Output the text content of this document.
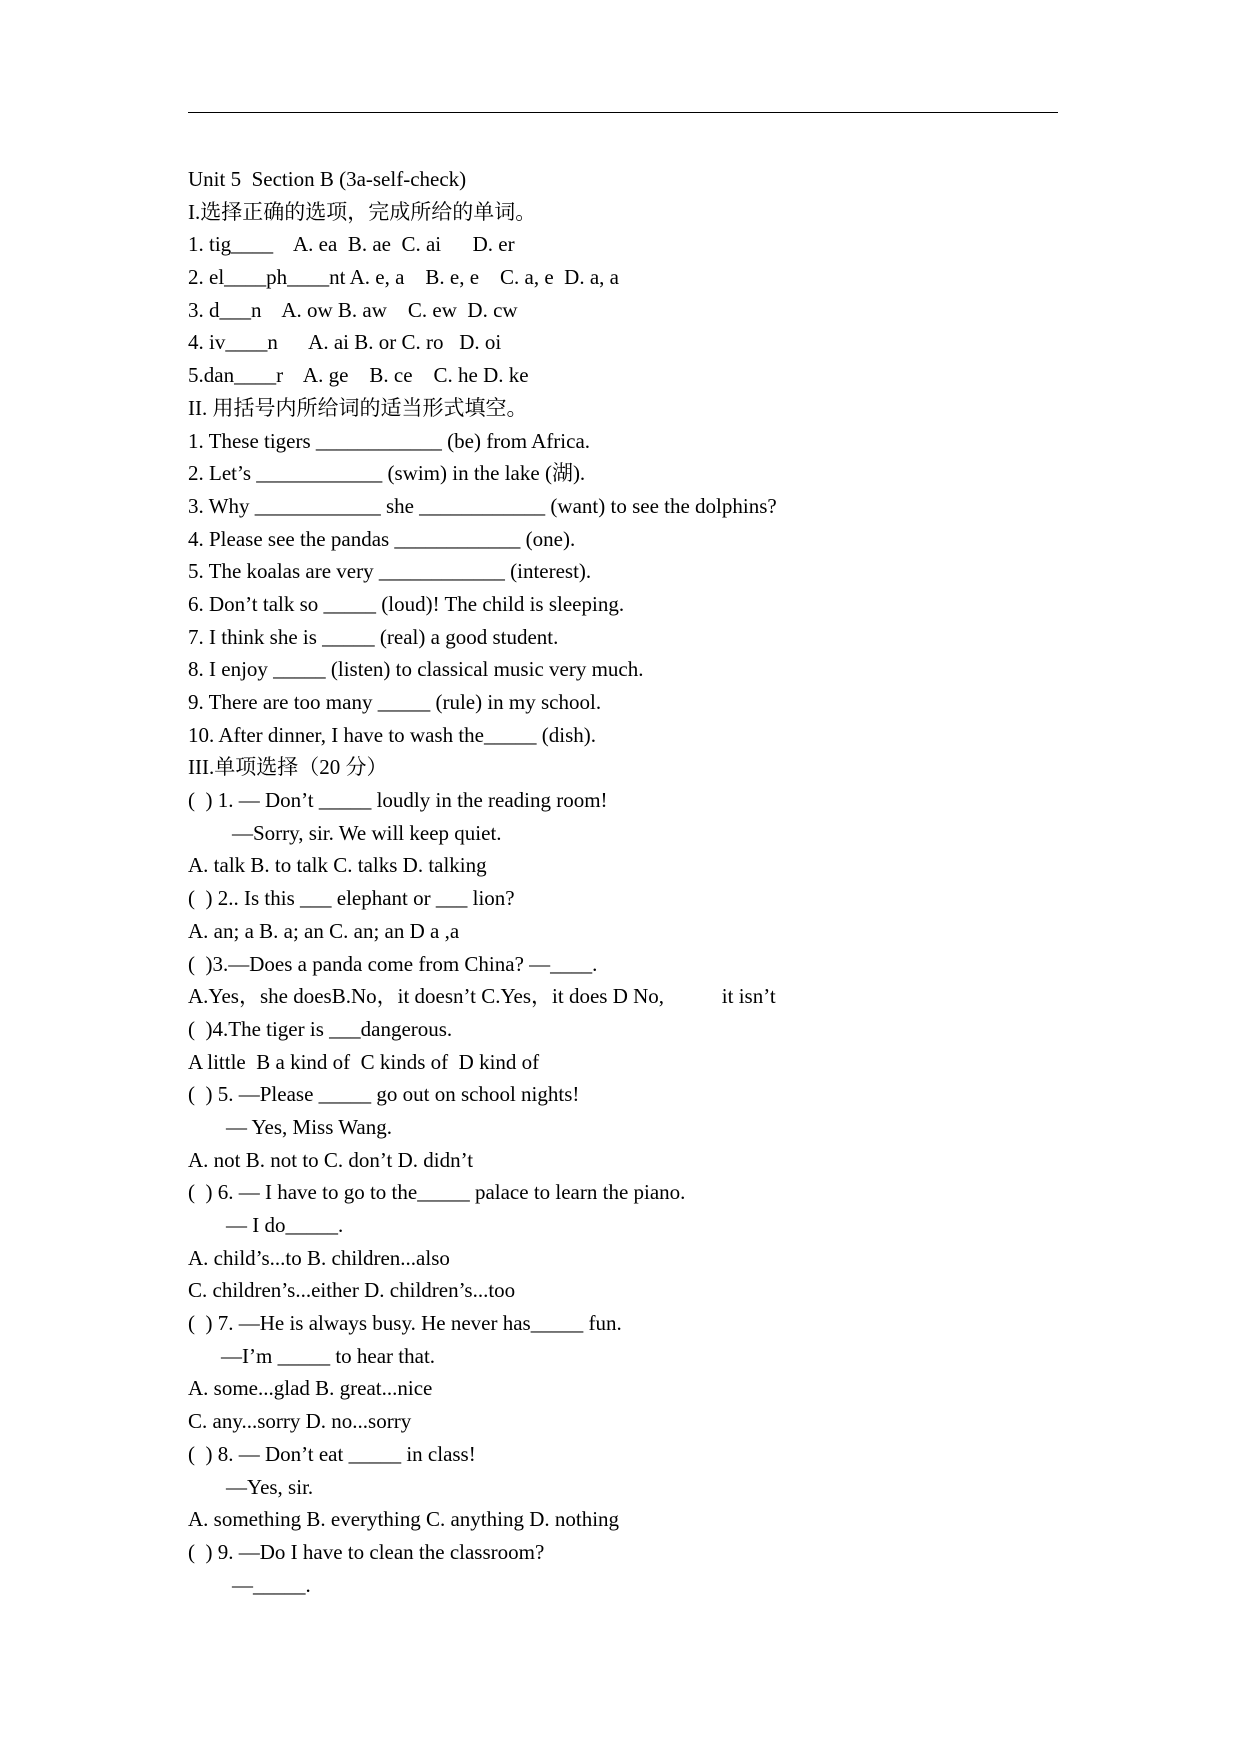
Unit 5  Section B (3a-self-check)
I.选择正确的选项，完成所给的单词。
1. tig____    A. ea  B. ae  C. ai      D. er
2. el____ph____nt A. e, a    B. e, e    C. a, e  D. a, a
3. d___n    A. ow B. aw    C. ew  D. cw
4. iv____n      A. ai B. or C. ro   D. oi
5.dan____r    A. ge    B. ce    C. he D. ke
II. 用括号内所给词的适当形式填空。
1. These tigers ____________ (be) from Africa.
2. Let’s ____________ (swim) in the lake (湖).
3. Why ____________ she ____________ (want) to see the dolphins?
4. Please see the pandas ____________ (one).
5. The koalas are very ____________ (interest).
6. Don’t talk so _____ (loud)! The child is sleeping.
7. I think she is _____ (real) a good student.
8. I enjoy _____ (listen) to classical music very much.
9. There are too many _____ (rule) in my school.
10. After dinner, I have to wash the_____ (dish).
III.单项选择（20 分）
(  ) 1. — Don’t _____ loudly in the reading room!
—Sorry, sir. We will keep quiet.
A. talk B. to talk C. talks D. talking
(  ) 2.. Is this ___ elephant or ___ lion?
A. an; a B. a; an C. an; an D a ,a
(  )3.—Does a panda come from China? —____.
A.Yes，she doesB.No，it doesn’t C.Yes，it does D No,           it isn’t
(  )4.The tiger is ___dangerous.
A little  B a kind of  C kinds of  D kind of
(  ) 5. —Please _____ go out on school nights!
— Yes, Miss Wang.
A. not B. not to C. don’t D. didn’t
(  ) 6. — I have to go to the_____ palace to learn the piano.
— I do_____.
A. child’s...to B. children...also
C. children’s...either D. children’s...too
(  ) 7. —He is always busy. He never has_____ fun.
—I’m _____ to hear that.
A. some...glad B. great...nice
C. any...sorry D. no...sorry
(  ) 8. — Don’t eat _____ in class!
—Yes, sir.
A. something B. everything C. anything D. nothing
(  ) 9. —Do I have to clean the classroom?
—_____.
